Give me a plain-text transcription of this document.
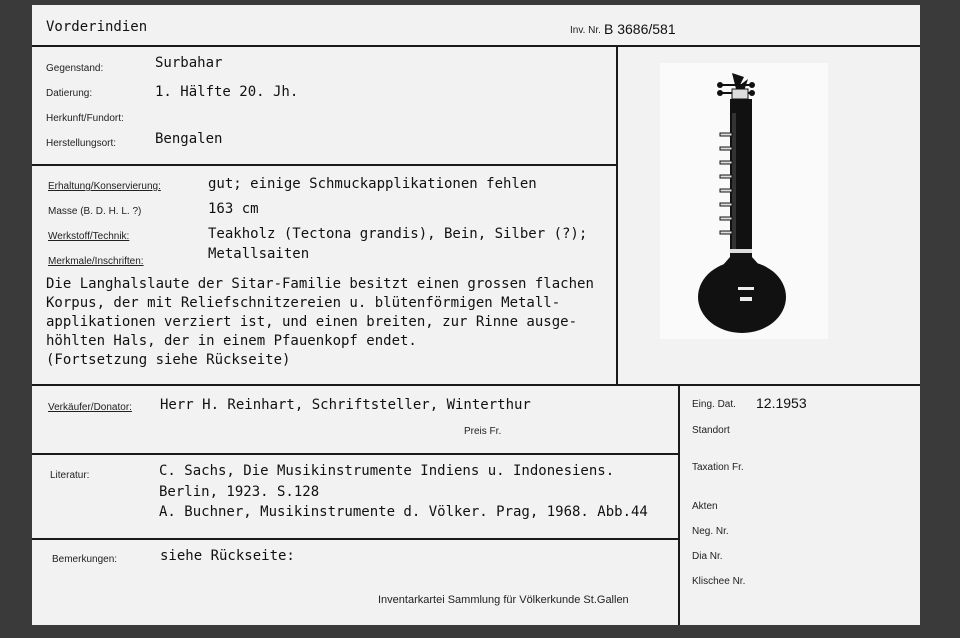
Vorderindien	Inv. Nr. B 3686/581
Gegenstand:	Surbahar
Datierung:	1. Hälfte 20. Jh.
Herkunft/Fundort:
Herstellungsort:	Bengalen
Erhaltung/Konservierung:	gut; einige Schmuckapplikationen fehlen
Masse (B. D. H. L. ?)	163 cm
Werkstoff/Technik:	Teakholz (Tectona grandis), Bein, Silber (?);
Metallsaiten
Merkmale/Inschriften:
Die Langhalslaute der Sitar-Familie besitzt einen grossen flachen
Korpus, der mit Reliefschnitzereien u. blütenförmigen Metall-
applikationen verziert ist, und einen breiten, zur Rinne ausge-
höhlten Hals, der in einem Pfauenkopf endet.
(Fortsetzung siehe Rückseite)
Verkäufer/Donator: Herr H. Reinhart, Schriftsteller, Winterthur
Preis Fr.
Literatur:	C. Sachs, Die Musikinstrumente Indiens u. Indonesiens.
Berlin, 1923. S.128
A. Buchner, Musikinstrumente d. Völker. Prag, 1968. Abb.44
Bemerkungen:	siehe Rückseite:
Inventarkartei Sammlung für Völkerkunde St.Gallen
Eing. Dat. 12.1953
Standort
Taxation Fr.
Akten
Neg. Nr.
Dia Nr.
Klischee Nr.
